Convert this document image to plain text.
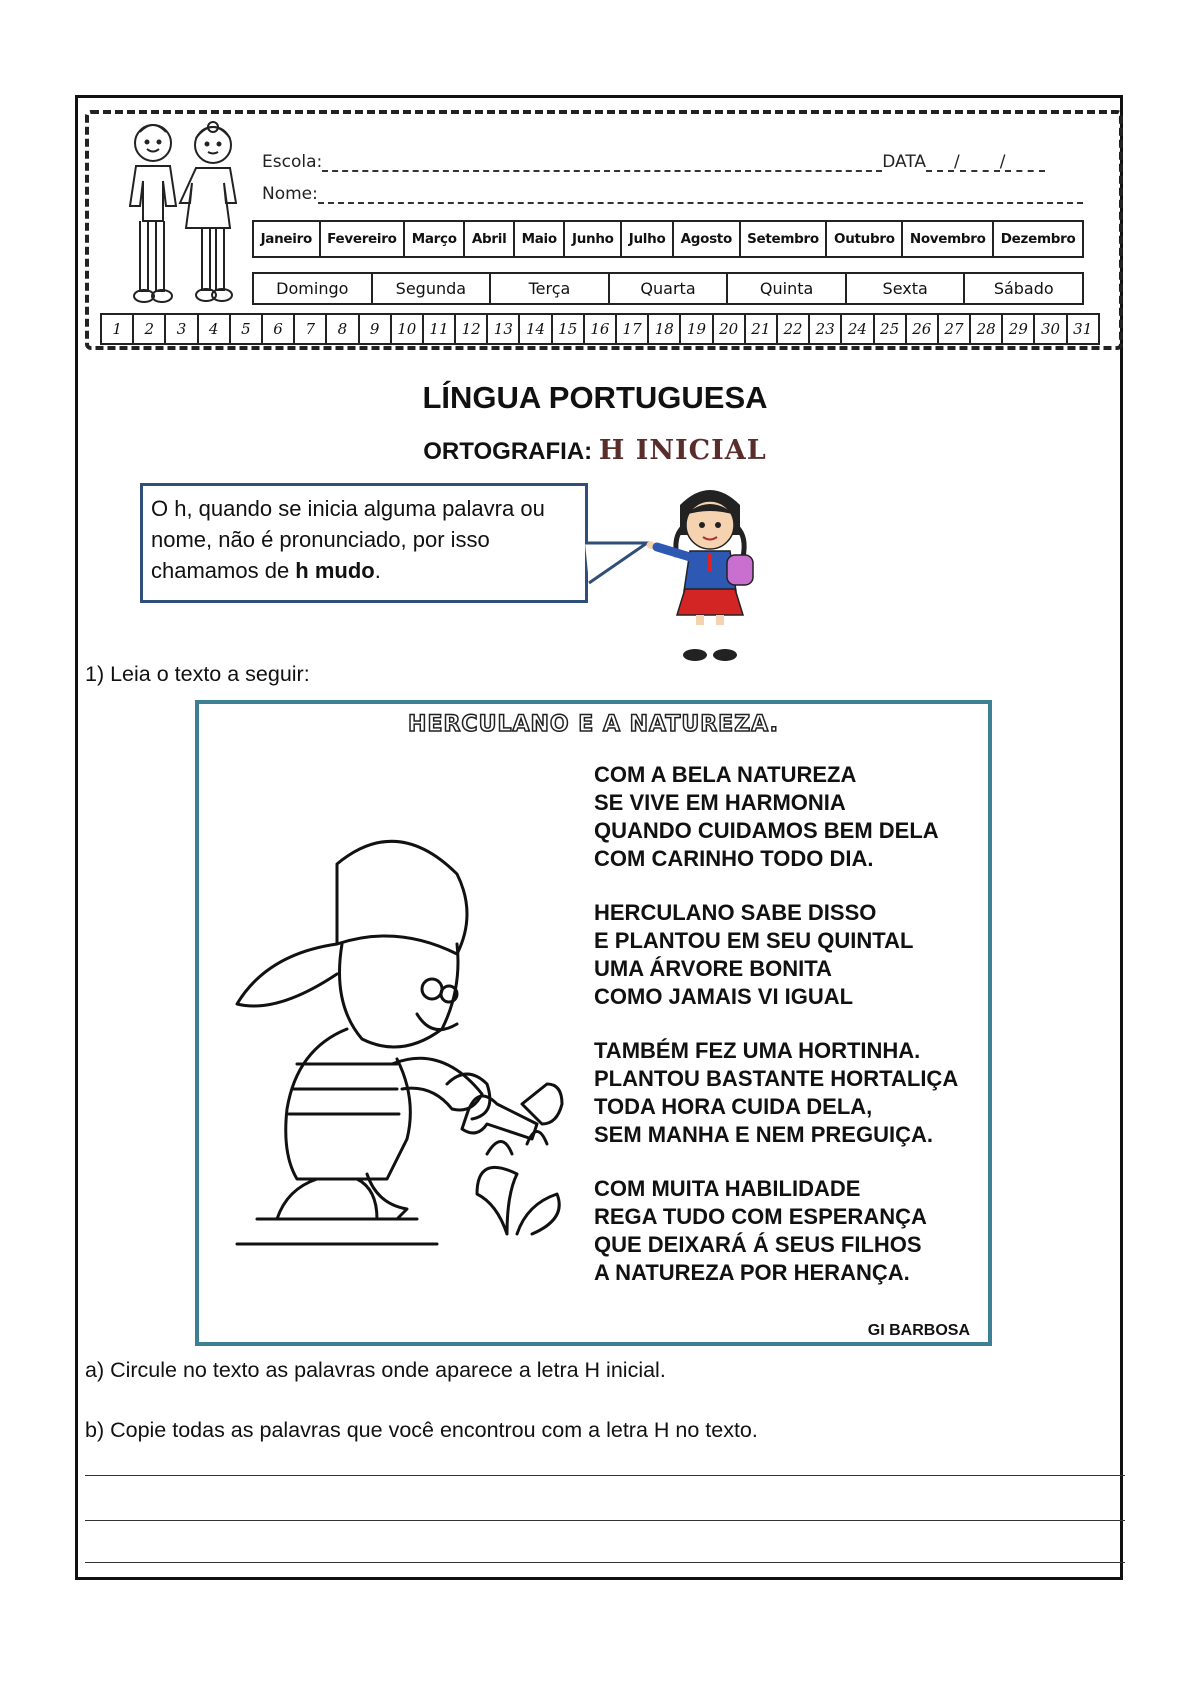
Escola:	DATA / /
Nome:
Janeiro	Fevereiro	Março	Abril	Maio	Junho	Julho	Agosto	Setembro	Outubro	Novembro	Dezembro
Domingo	Segunda	Terça	Quarta	Quinta	Sexta	Sábado
1	2	3	4	5	6	7	8	9	10 11 12 13 14 15 16 17 18 19 20 21 22 23 24 25 26 27 28 29 30 31
LÍNGUA PORTUGUESA
ORTOGRAFIA: H INICIAL
O h, quando se inicia alguma palavra ou nome, não é pronunciado, por isso chamamos de h mudo.
1) Leia o texto a seguir:
HERCULANO E A NATUREZA.
COM A BELA NATUREZA
SE VIVE EM HARMONIA
QUANDO CUIDAMOS BEM DELA
COM CARINHO TODO DIA.
HERCULANO SABE DISSO
E PLANTOU EM SEU QUINTAL
UMA ÁRVORE BONITA
COMO JAMAIS VI IGUAL
TAMBÉM FEZ UMA HORTINHA.
PLANTOU BASTANTE HORTALIÇA
TODA HORA CUIDA DELA,
SEM MANHA E NEM PREGUIÇA.
COM MUITA HABILIDADE
REGA TUDO COM ESPERANÇA
QUE DEIXARÁ Á SEUS FILHOS
A NATUREZA POR HERANÇA.
GI BARBOSA
a) Circule no texto as palavras onde aparece a letra H inicial.
b) Copie todas as palavras que você encontrou com a letra H no texto.
